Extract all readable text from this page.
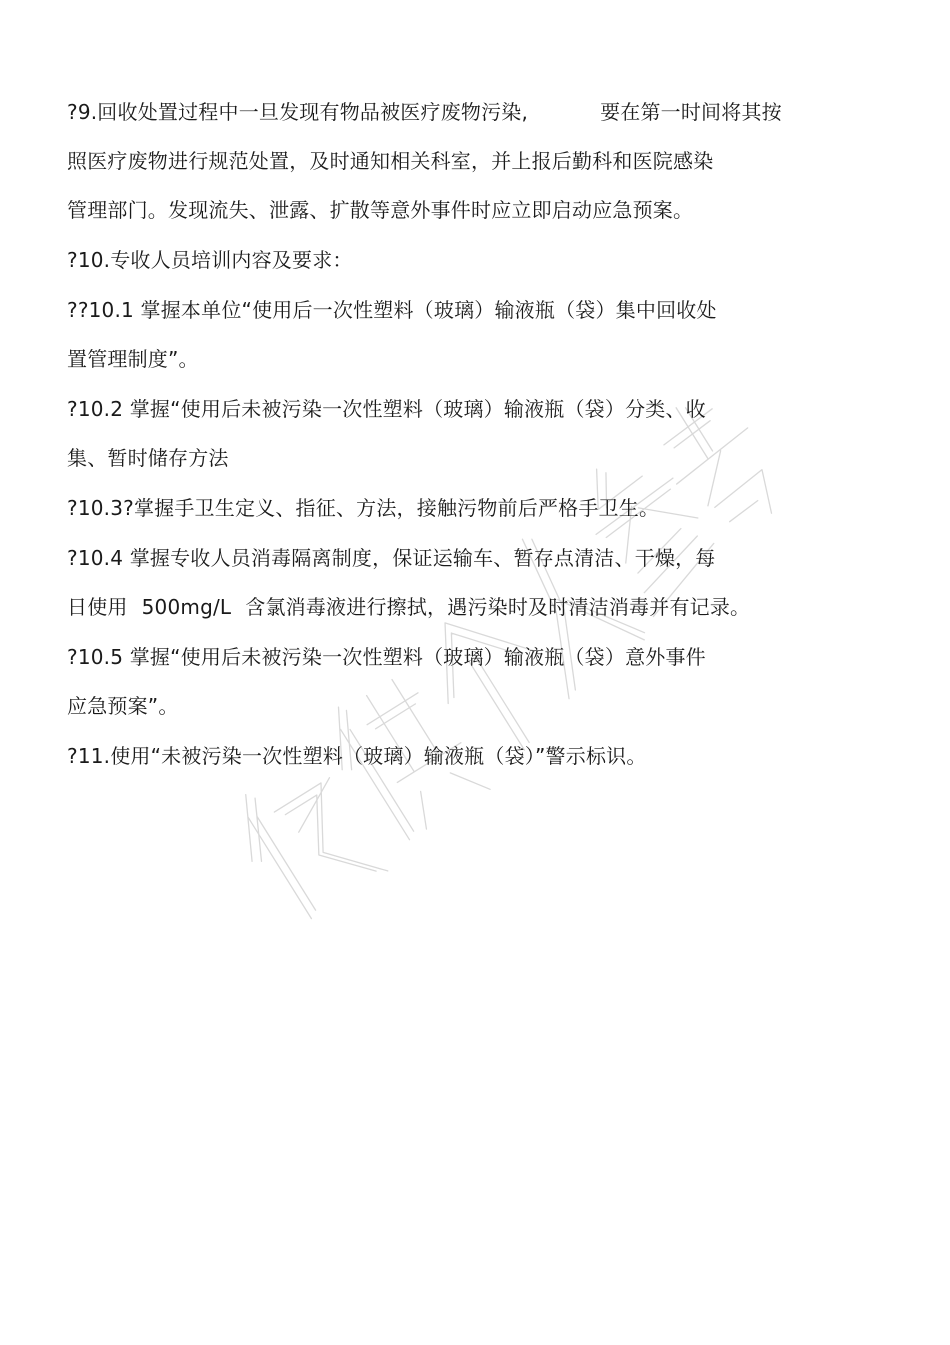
?9.回收处置过程中一旦发现有物品被医疗废物污染,	要在第一时间将其按
照医疗废物进行规范处置，及时通知相关科室，并上报后勤科和医院感染
管理部门。发现流失、泄露、扩散等意外事件时应立即启动应急预案。
?10.专收人员培训内容及要求：
??10.1 掌握本单位“使用后一次性塑料（玻璃）输液瓶（袋）集中回收处
置管理制度”。
?10.2 掌握“使用后未被污染一次性塑料（玻璃）输液瓶（袋）分类、收
集、暂时储存方法
?10.3?掌握手卫生定义、指征、方法，接触污物前后严格手卫生。
?10.4 掌握专收人员消毒隔离制度，保证运输车、暂存点清洁、干燥，每
日使用 500mg/L 含氯消毒液进行擦拭，遇污染时及时清洁消毒并有记录。
?10.5 掌握“使用后未被污染一次性塑料（玻璃）输液瓶（袋）意外事件
应急预案”。
?11.使用“未被污染一次性塑料（玻璃）输液瓶（袋）”警示标识。
